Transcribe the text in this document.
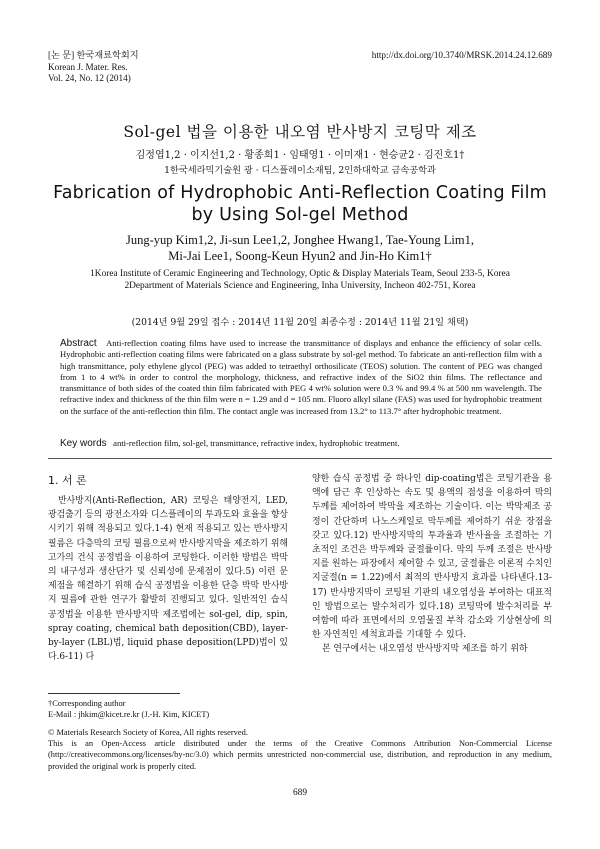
[논 문] 한국재료학회지
Korean J. Mater. Res.
Vol. 24, No. 12 (2014)
http://dx.doi.org/10.3740/MRSK.2014.24.12.689
Sol-gel 법을 이용한 내오염 반사방지 코팅막 제조
김정엽1,2 · 이지선1,2 · 황종희1 · 임태영1 · 이미재1 · 현승균2 · 김진호1†
1한국세라믹기술원 광 · 디스플레이소재팀, 2인하대학교 금속공학과
Fabrication of Hydrophobic Anti-Reflection Coating Film
by Using Sol-gel Method
Jung-yup Kim1,2, Ji-sun Lee1,2, Jonghee Hwang1, Tae-Young Lim1,
Mi-Jai Lee1, Soong-Keun Hyun2 and Jin-Ho Kim1†
1Korea Institute of Ceramic Engineering and Technology, Optic & Display Materials Team, Seoul 233-5, Korea
2Department of Materials Science and Engineering, Inha University, Incheon 402-751, Korea
(2014년 9월 29일 접수 : 2014년 11월 20일 최종수정 : 2014년 11월 21일 채택)
Abstract Anti-reflection coating films have used to increase the transmittance of displays and enhance the efficiency of solar cells. Hydrophobic anti-reflection coating films were fabricated on a glass substrate by sol-gel method. To fabricate an anti-reflection film with a high transmittance, poly ethylene glycol (PEG) was added to tetraethyl orthosilicate (TEOS) solution. The content of PEG was changed from 1 to 4 wt% in order to control the morphology, thickness, and refractive index of the SiO2 thin films. The reflectance and transmittance of both sides of the coated thin film fabricated with PEG 4 wt% solution were 0.3 % and 99.4 % at 500 nm wavelength. The refractive index and thickness of the thin film were n = 1.29 and d = 105 nm. Fluoro alkyl silane (FAS) was used for hydrophobic treatment on the surface of the anti-reflection thin film. The contact angle was increased from 13.2° to 113.7° after hydrophobic treatment.
Key words anti-reflection film, sol-gel, transmittance, refractive index, hydrophobic treatment.
1. 서 론
반사방지(Anti-Reflection, AR) 코팅은 태양전지, LED, 광검출기 등의 광전소자와 디스플레이의 투과도와 효율을 향상시키기 위해 적용되고 있다.1-4) 현재 적용되고 있는 반사방지 필름은 다층막의 코팅 필름으로써 반사방지막을 제조하기 위해 고가의 건식 공정법을 이용하여 코팅한다. 이러한 방법은 박막의 내구성과 생산단가 및 신뢰성에 문제점이 있다.5) 이런 문제점을 해결하기 위해 습식 공정법을 이용한 단층 박막 반사방지 필름에 관한 연구가 활발히 진행되고 있다. 일반적인 습식 공정법을 이용한 반사방지막 제조법에는 sol-gel, dip, spin, spray coating, chemical bath deposition(CBD), layer-by-layer (LBL)법, liquid phase deposition(LPD)법이 있다.6-11) 다

양한 습식 공정법 중 하나인 dip-coating법은 코팅기관을 용액에 담근 후 인상하는 속도 및 용액의 점성을 이용하여 막의 두께를 제어하여 박막을 제조하는 기술이다. 이는 박막제조 공정이 간단하며 나노스케일로 막두께를 제어하기 쉬운 장점을 갖고 있다.12) 반사방지막의 투과율과 반사율을 조절하는 기초적인 조건은 박두께와 굴절률이다. 막의 두께 조절은 반사방지를 원하는 파장에서 제어할 수 있고, 굴절률은 이론적 수치인 지굴절(n = 1.22)에서 최적의 반사방지 효과를 나타낸다.13-17) 반사방지막이 코팅된 기판의 내오염성을 부여하는 대표적인 방법으로는 발수처리가 있다.18) 코팅막에 발수처리를 부여함에 따라 표면에서의 오염물질 부착 감소와 기상현상에 의한 자연적인 세척효과를 기대할 수 있다.

본 연구에서는 내오염성 반사방지막 제조를 하기 위하

†Corresponding author
E-Mail : jhkim@kicet.re.kr (J.-H. Kim, KICET)
© Materials Research Society of Korea, All rights reserved.
This is an Open-Access article distributed under the terms of the Creative Commons Attribution Non-Commercial License (http://creativecommons.org/licenses/by-nc/3.0) which permits unrestricted non-commercial use, distribution, and reproduction in any medium, provided the original work is properly cited.
689
